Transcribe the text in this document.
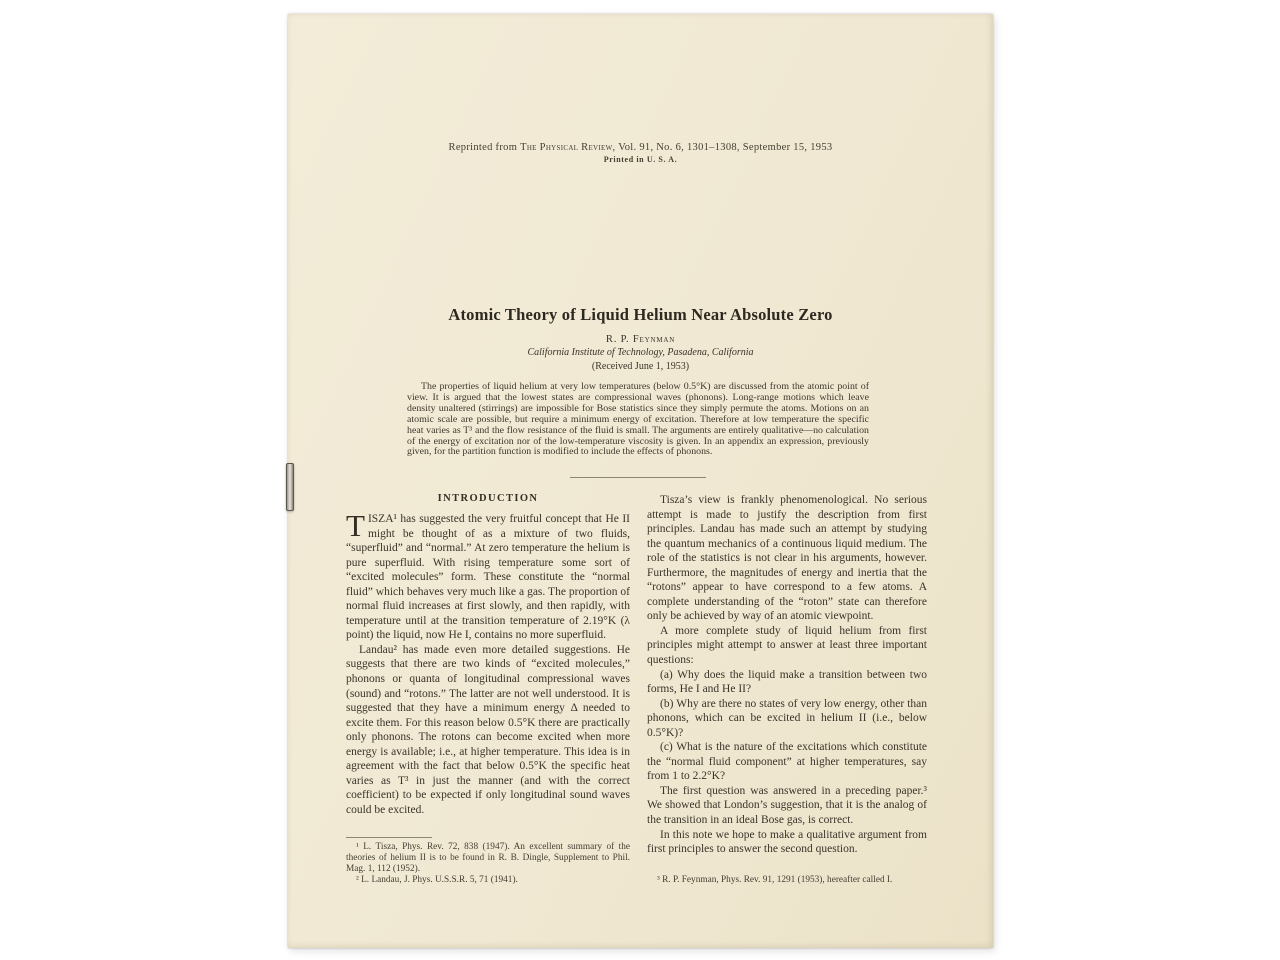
Reprinted from The Physical Review, Vol. 91, No. 6, 1301–1308, September 15, 1953
Printed in U. S. A.
Atomic Theory of Liquid Helium Near Absolute Zero
R. P. Feynman
California Institute of Technology, Pasadena, California
(Received June 1, 1953)
The properties of liquid helium at very low temperatures (below 0.5°K) are discussed from the atomic point of view. It is argued that the lowest states are compressional waves (phonons). Long-range motions which leave density unaltered (stirrings) are impossible for Bose statistics since they simply permute the atoms. Motions on an atomic scale are possible, but require a minimum energy of excitation. Therefore at low temperature the specific heat varies as T³ and the flow resistance of the fluid is small. The arguments are entirely qualitative—no calculation of the energy of excitation nor of the low-temperature viscosity is given. In an appendix an expression, previously given, for the partition function is modified to include the effects of phonons.
INTRODUCTION

TISZA¹ has suggested the very fruitful concept that He II might be thought of as a mixture of two fluids, “superfluid” and “normal.” At zero temperature the helium is pure superfluid. With rising temperature some sort of “excited molecules” form. These constitute the “normal fluid” which behaves very much like a gas. The proportion of normal fluid increases at first slowly, and then rapidly, with temperature until at the transition temperature of 2.19°K (λ point) the liquid, now He I, contains no more superfluid.

Landau² has made even more detailed suggestions. He suggests that there are two kinds of “excited molecules,” phonons or quanta of longitudinal compressional waves (sound) and “rotons.” The latter are not well understood. It is suggested that they have a minimum energy Δ needed to excite them. For this reason below 0.5°K there are practically only phonons. The rotons can become excited when more energy is available; i.e., at higher temperature. This idea is in agreement with the fact that below 0.5°K the specific heat varies as T³ in just the manner (and with the correct coefficient) to be expected if only longitudinal sound waves could be excited.

¹ L. Tisza, Phys. Rev. 72, 838 (1947). An excellent summary of the theories of helium II is to be found in R. B. Dingle, Supplement to Phil. Mag. 1, 112 (1952).

² L. Landau, J. Phys. U.S.S.R. 5, 71 (1941).

Tisza’s view is frankly phenomenological. No serious attempt is made to justify the description from first principles. Landau has made such an attempt by studying the quantum mechanics of a continuous liquid medium. The role of the statistics is not clear in his arguments, however. Furthermore, the magnitudes of energy and inertia that the “rotons” appear to have correspond to a few atoms. A complete understanding of the “roton” state can therefore only be achieved by way of an atomic viewpoint.

A more complete study of liquid helium from first principles might attempt to answer at least three important questions:

(a) Why does the liquid make a transition between two forms, He I and He II?

(b) Why are there no states of very low energy, other than phonons, which can be excited in helium II (i.e., below 0.5°K)?

(c) What is the nature of the excitations which constitute the “normal fluid component” at higher temperatures, say from 1 to 2.2°K?

The first question was answered in a preceding paper.³ We showed that London’s suggestion, that it is the analog of the transition in an ideal Bose gas, is correct.

In this note we hope to make a qualitative argument from first principles to answer the second question.

³ R. P. Feynman, Phys. Rev. 91, 1291 (1953), hereafter called I.
